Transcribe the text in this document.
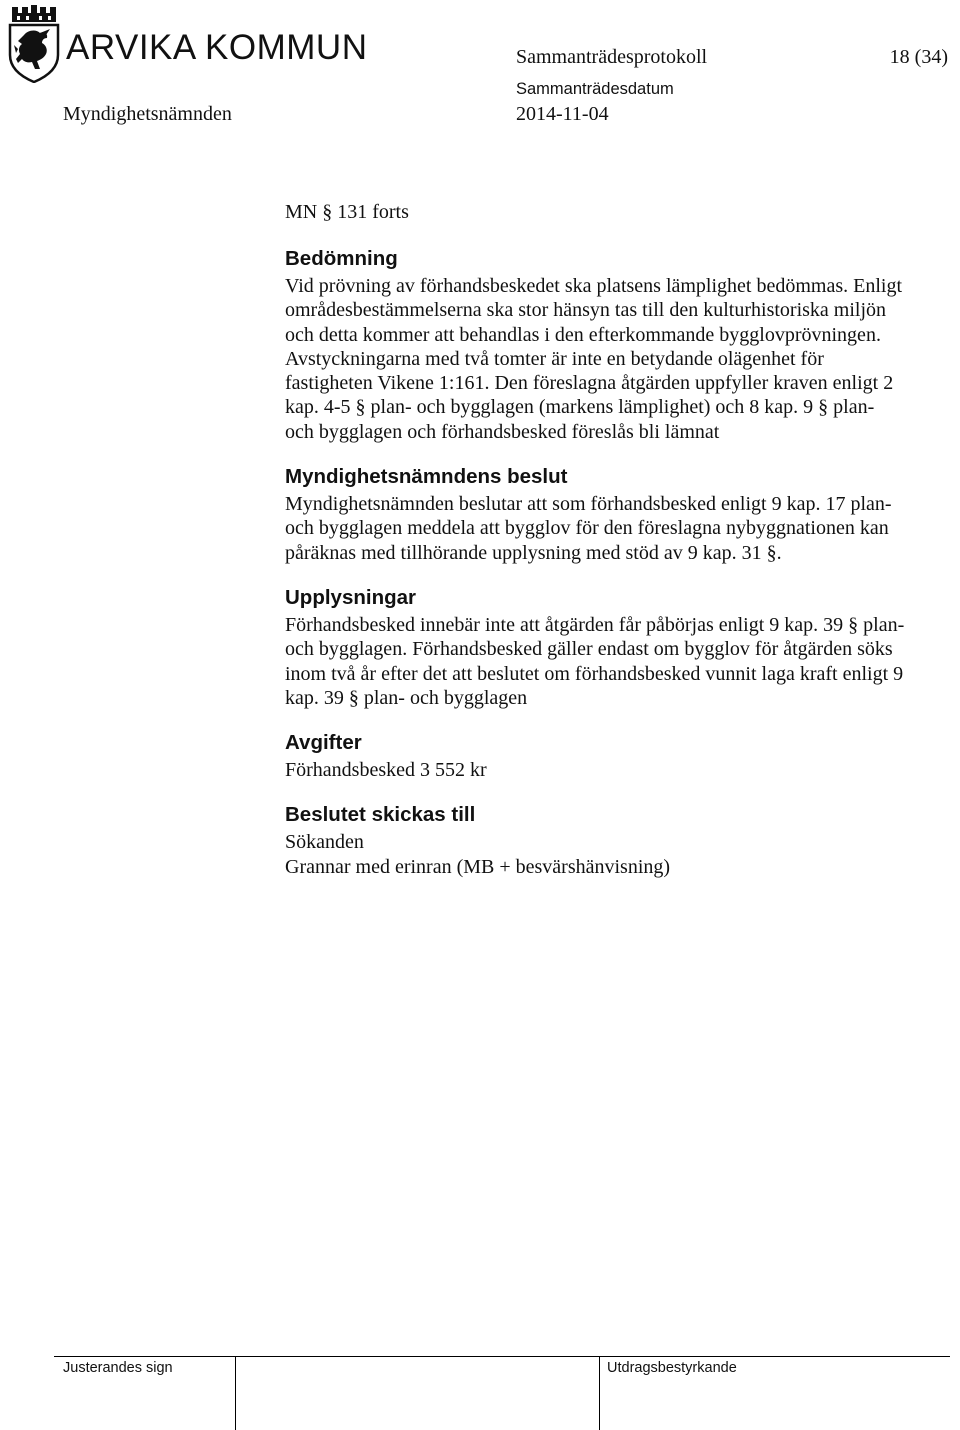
ARVIKA KOMMUN	Sammanträdesprotokoll	18 (34)
Sammanträdesdatum
Myndighetsnämnden	2014-11-04
MN § 131 forts
Bedömning
Vid prövning av förhandsbeskedet ska platsens lämplighet bedömmas. Enligt
områdesbestämmelserna ska stor hänsyn tas till den kulturhistoriska miljön
och detta kommer att behandlas i den efterkommande bygglovprövningen.
Avstyckningarna med två tomter är inte en betydande olägenhet för
fastigheten Vikene 1:161. Den föreslagna åtgärden uppfyller kraven enligt 2
kap. 4-5 § plan- och bygglagen (markens lämplighet) och 8 kap. 9 § plan-
och bygglagen och förhandsbesked föreslås bli lämnat
Myndighetsnämndens beslut
Myndighetsnämnden beslutar att som förhandsbesked enligt 9 kap. 17 plan-
och bygglagen meddela att bygglov för den föreslagna nybyggnationen kan
påräknas med tillhörande upplysning med stöd av 9 kap. 31 §.
Upplysningar
Förhandsbesked innebär inte att åtgärden får påbörjas enligt 9 kap. 39 § plan-
och bygglagen. Förhandsbesked gäller endast om bygglov för åtgärden söks
inom två år efter det att beslutet om förhandsbesked vunnit laga kraft enligt 9
kap. 39 § plan- och bygglagen
Avgifter
Förhandsbesked 3 552 kr
Beslutet skickas till
Sökanden
Grannar med erinran (MB + besvärshänvisning)
Justerandes sign	Utdragsbestyrkande
